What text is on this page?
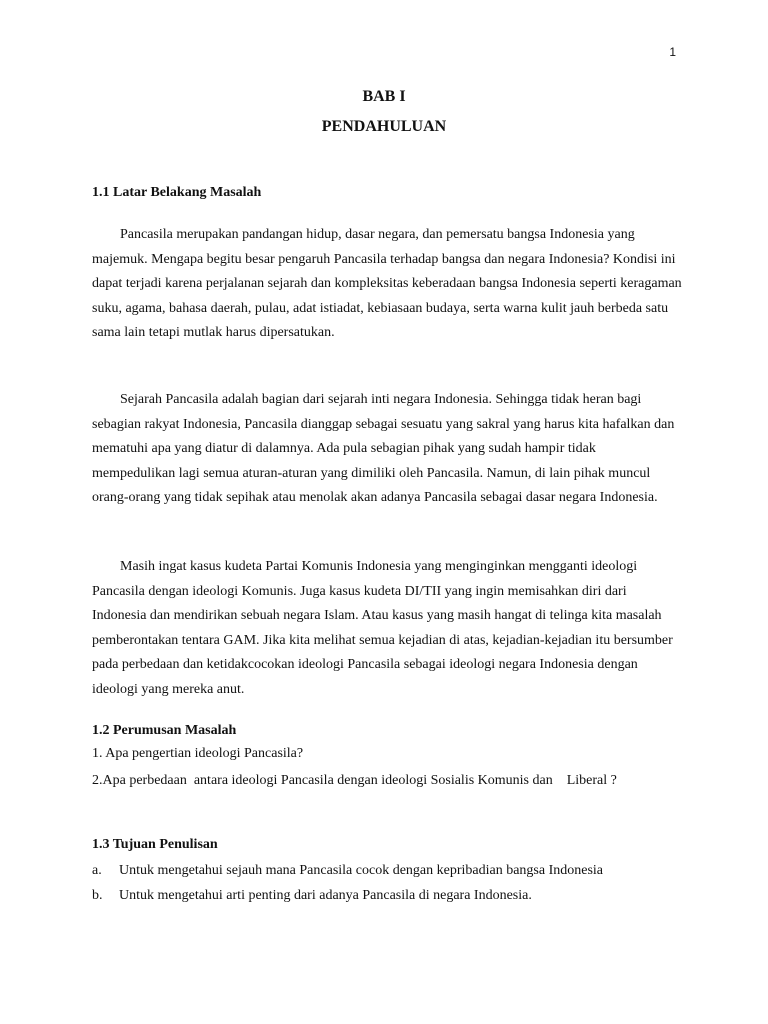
1
BAB I
PENDAHULUAN
1.1 Latar Belakang Masalah

Pancasila merupakan pandangan hidup, dasar negara, dan pemersatu bangsa Indonesia yang majemuk. Mengapa begitu besar pengaruh Pancasila terhadap bangsa dan negara Indonesia? Kondisi ini dapat terjadi karena perjalanan sejarah dan kompleksitas keberadaan bangsa Indonesia seperti keragaman suku, agama, bahasa daerah, pulau, adat istiadat, kebiasaan budaya, serta warna kulit jauh berbeda satu sama lain tetapi mutlak harus dipersatukan.

Sejarah Pancasila adalah bagian dari sejarah inti negara Indonesia. Sehingga tidak heran bagi sebagian rakyat Indonesia, Pancasila dianggap sebagai sesuatu yang sakral yang harus kita hafalkan dan mematuhi apa yang diatur di dalamnya. Ada pula sebagian pihak yang sudah hampir tidak mempedulikan lagi semua aturan-aturan yang dimiliki oleh Pancasila. Namun, di lain pihak muncul orang-orang yang tidak sepihak atau menolak akan adanya Pancasila sebagai dasar negara Indonesia.

Masih ingat kasus kudeta Partai Komunis Indonesia yang menginginkan mengganti ideologi Pancasila dengan ideologi Komunis. Juga kasus kudeta DI/TII yang ingin memisahkan diri dari Indonesia dan mendirikan sebuah negara Islam. Atau kasus yang masih hangat di telinga kita masalah pemberontakan tentara GAM. Jika kita melihat semua kejadian di atas, kejadian-kejadian itu bersumber pada perbedaan dan ketidakcocokan ideologi Pancasila sebagai ideologi negara Indonesia dengan ideologi yang mereka anut.

1.2 Perumusan Masalah
1. Apa pengertian ideologi Pancasila?
2.Apa perbedaan  antara ideologi Pancasila dengan ideologi Sosialis Komunis dan    Liberal ?
1.3 Tujuan Penulisan
a. Untuk mengetahui sejauh mana Pancasila cocok dengan kepribadian bangsa Indonesia
b. Untuk mengetahui arti penting dari adanya Pancasila di negara Indonesia.
